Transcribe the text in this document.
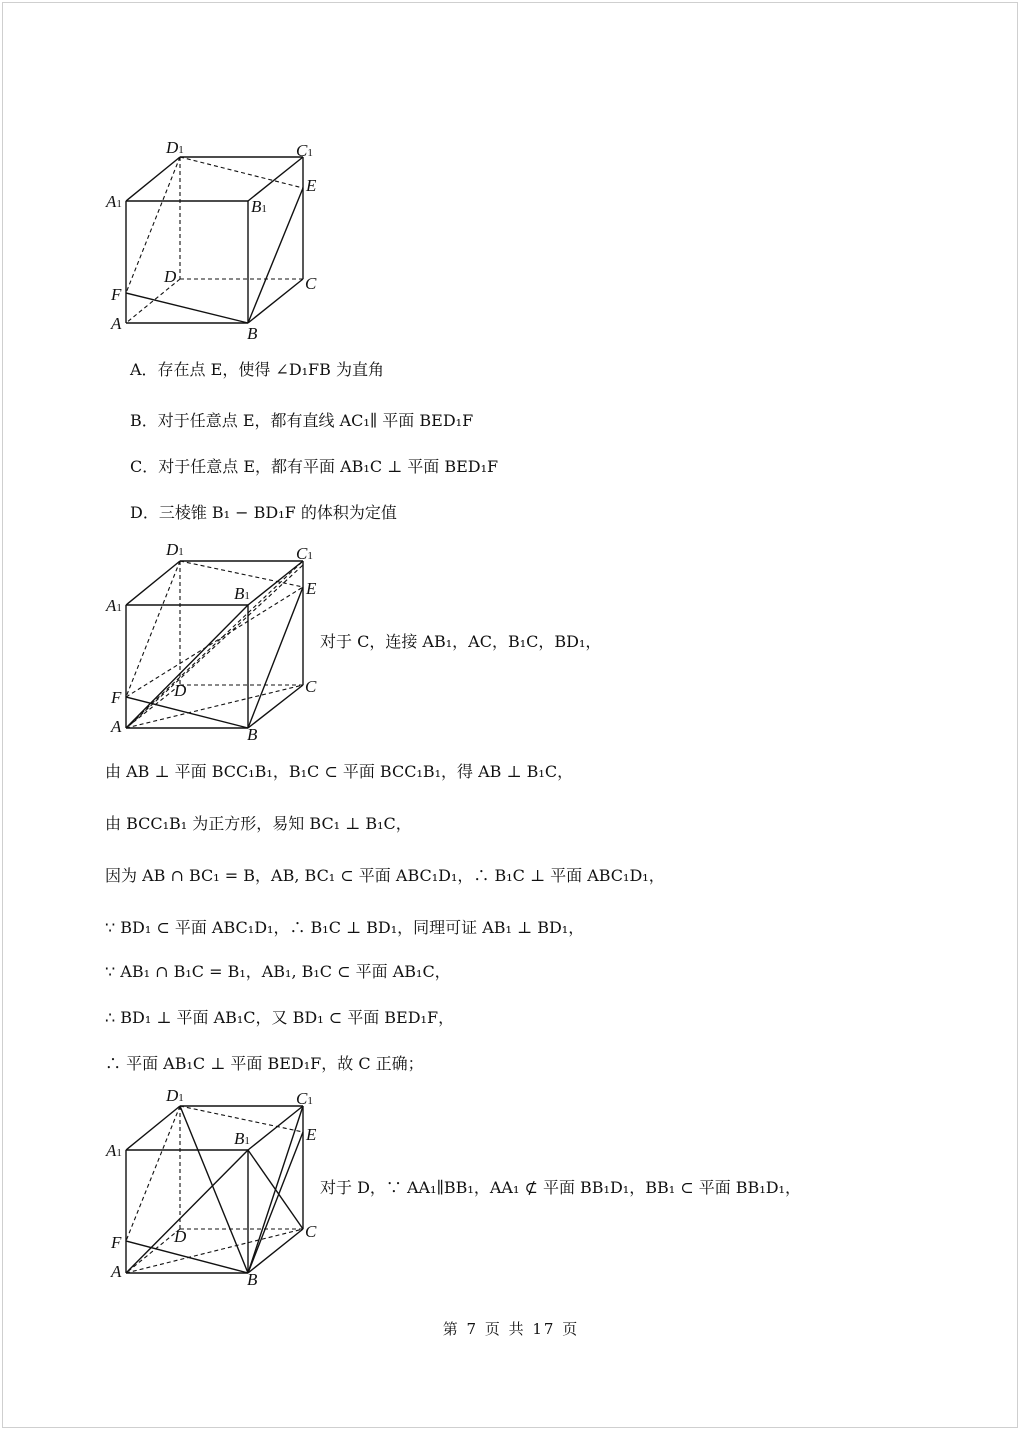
D1	C1
A1	B1
E
D	C
F
A
B
A．存在点 E，使得 ∠D₁FB 为直角
B．对于任意点 E，都有直线 AC₁∥ 平面 BED₁F
C．对于任意点 E，都有平面 AB₁C ⊥ 平面 BED₁F
D．三棱锥 B₁ − BD₁F 的体积为定值
D1	C1
A1
B1	E
D	C
F
A	B
对于 C，连接 AB₁，AC，B₁C，BD₁，
由 AB ⊥ 平面 BCC₁B₁，B₁C ⊂ 平面 BCC₁B₁，得 AB ⊥ B₁C，
由 BCC₁B₁ 为正方形，易知 BC₁ ⊥ B₁C，
因为 AB ∩ BC₁ = B，AB, BC₁ ⊂ 平面 ABC₁D₁，∴ B₁C ⊥ 平面 ABC₁D₁，
∵ BD₁ ⊂ 平面 ABC₁D₁，∴ B₁C ⊥ BD₁，同理可证 AB₁ ⊥ BD₁，
∵ AB₁ ∩ B₁C = B₁，AB₁, B₁C ⊂ 平面 AB₁C，
∴ BD₁ ⊥ 平面 AB₁C，又 BD₁ ⊂ 平面 BED₁F，
∴ 平面 AB₁C ⊥ 平面 BED₁F，故 C 正确；
D1	C1
A1
B1	E
D	C
F
A	B
对于 D，∵ AA₁∥BB₁，AA₁ ⊄ 平面 BB₁D₁，BB₁ ⊂ 平面 BB₁D₁，
第 7 页 共 17 页
